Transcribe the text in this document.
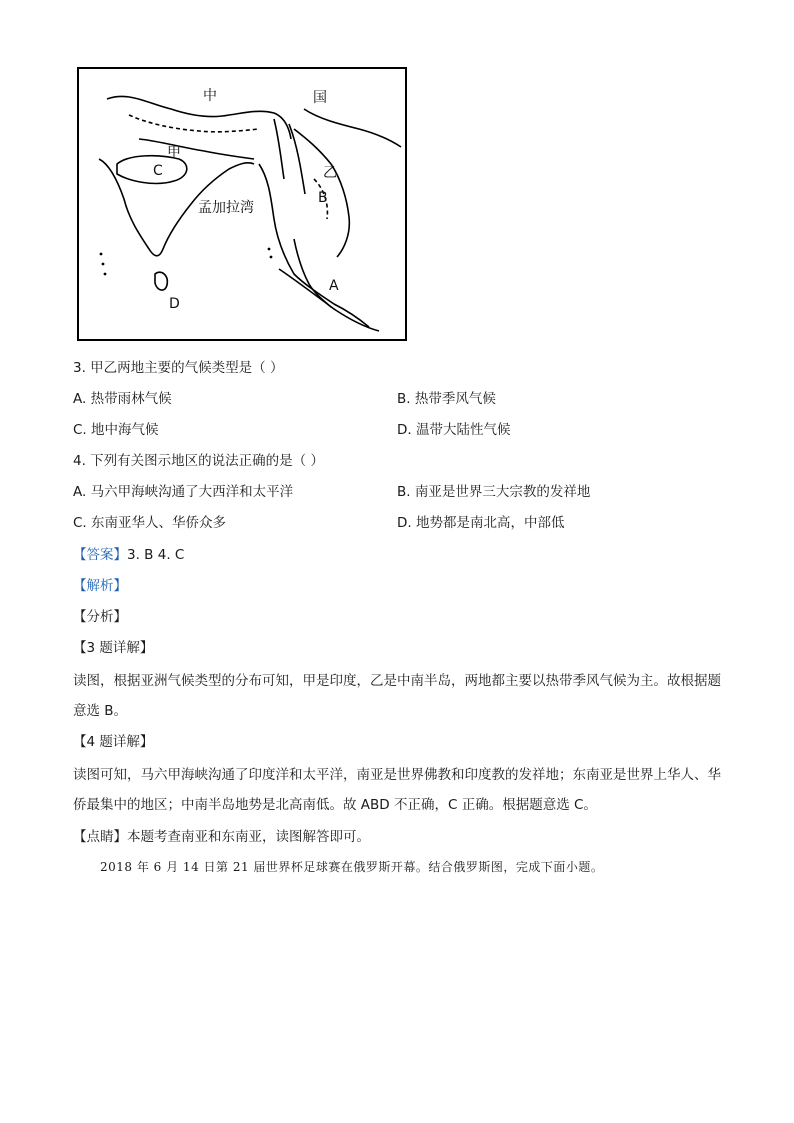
中	国
甲
C	乙
B
孟加拉湾
A
D
3. 甲乙两地主要的气候类型是（ ）
A. 热带雨林气候	B. 热带季风气候
C. 地中海气候	D. 温带大陆性气候
4. 下列有关图示地区的说法正确的是（ ）
A. 马六甲海峡沟通了大西洋和太平洋	B. 南亚是世界三大宗教的发祥地
C. 东南亚华人、华侨众多	D. 地势都是南北高，中部低
【答案】3. B 4. C
【解析】
【分析】
【3 题详解】
读图，根据亚洲气候类型的分布可知，甲是印度，乙是中南半岛，两地都主要以热带季风气候为主。故根据题意选 B。
【4 题详解】
读图可知，马六甲海峡沟通了印度洋和太平洋，南亚是世界佛教和印度教的发祥地；东南亚是世界上华人、华侨最集中的地区；中南半岛地势是北高南低。故 ABD 不正确，C 正确。根据题意选 C。
【点睛】本题考查南亚和东南亚，读图解答即可。
2018 年 6 月 14 日第 21 届世界杯足球赛在俄罗斯开幕。结合俄罗斯图，完成下面小题。
